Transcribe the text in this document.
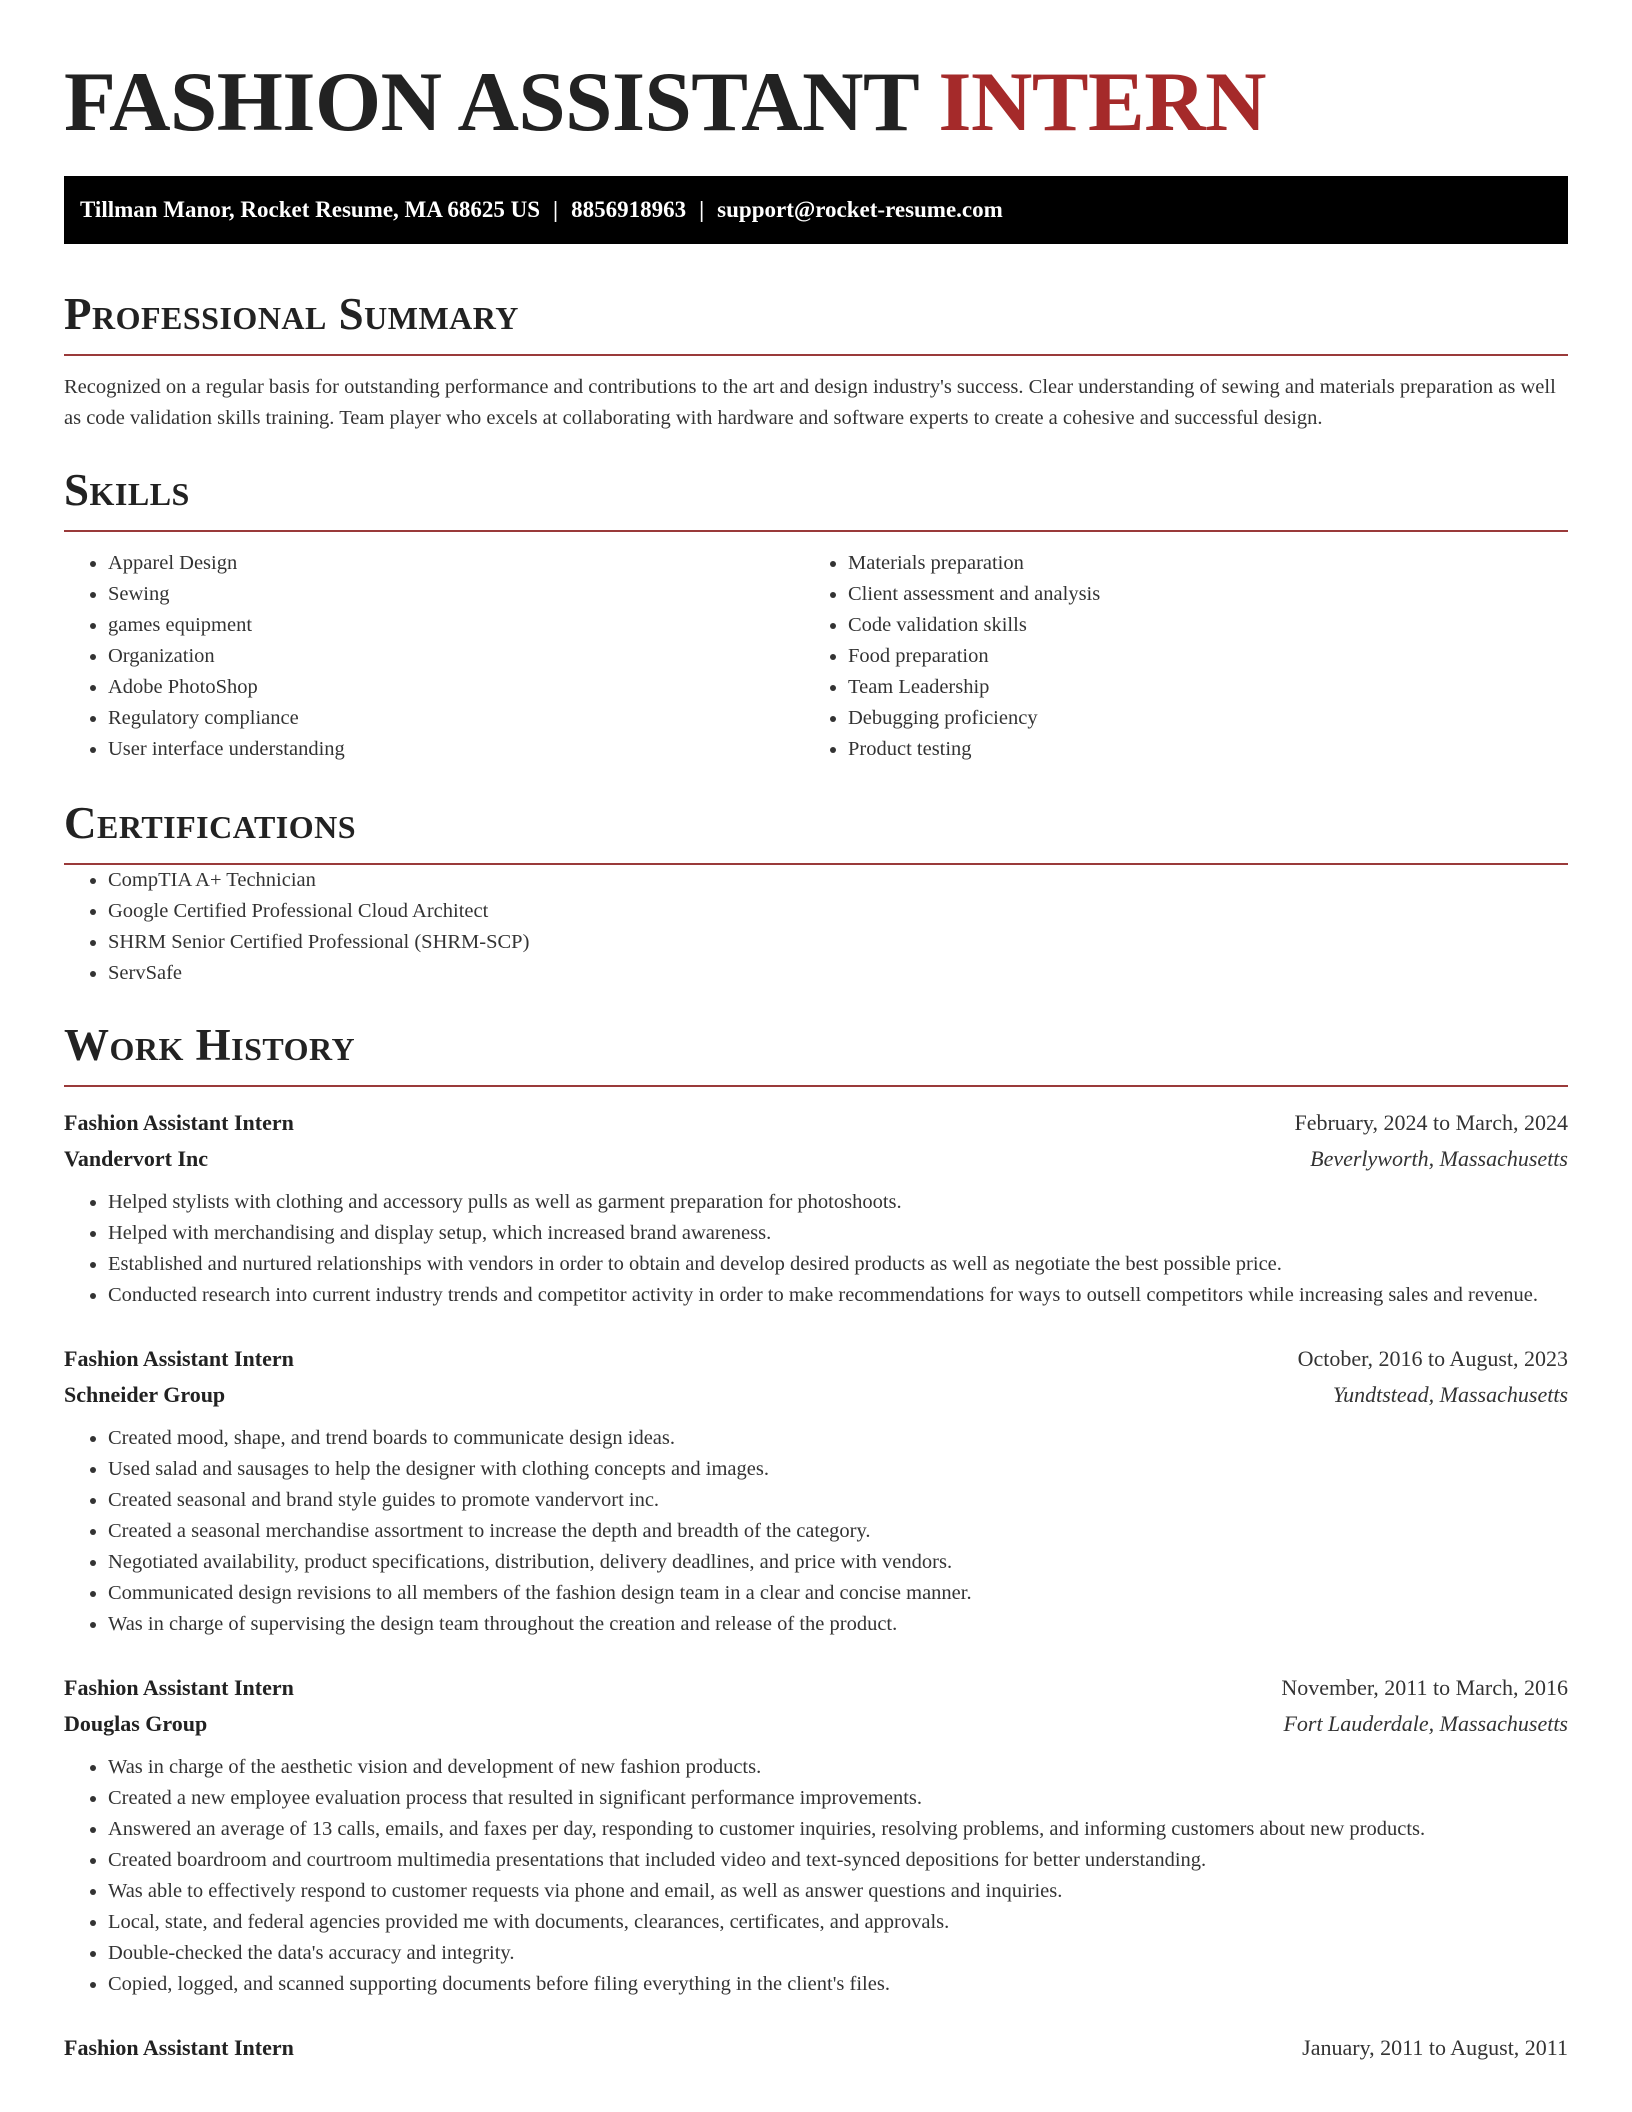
FASHION ASSISTANT INTERN
Tillman Manor, Rocket Resume, MA 68625 US | 8856918963 | support@rocket-resume.com
Professional Summary

Recognized on a regular basis for outstanding performance and contributions to the art and design industry's success. Clear understanding of sewing and materials preparation as well as code validation skills training. Team player who excels at collaborating with hardware and software experts to create a cohesive and successful design.

Skills
• Apparel Design
• Sewing
• games equipment
• Organization
• Adobe PhotoShop
• Regulatory compliance
• User interface understanding
• Materials preparation
• Client assessment and analysis
• Code validation skills
• Food preparation
• Team Leadership
• Debugging proficiency
• Product testing
Certifications
• CompTIA A+ Technician
• Google Certified Professional Cloud Architect
• SHRM Senior Certified Professional (SHRM-SCP)
• ServSafe
Work History
Fashion Assistant Intern	February, 2024 to March, 2024
Vandervort Inc	Beverlyworth, Massachusetts
• Helped stylists with clothing and accessory pulls as well as garment preparation for photoshoots.
• Helped with merchandising and display setup, which increased brand awareness.
• Established and nurtured relationships with vendors in order to obtain and develop desired products as well as negotiate the best possible price.
• Conducted research into current industry trends and competitor activity in order to make recommendations for ways to outsell competitors while increasing sales and revenue.
Fashion Assistant Intern	October, 2016 to August, 2023
Schneider Group	Yundtstead, Massachusetts
• Created mood, shape, and trend boards to communicate design ideas.
• Used salad and sausages to help the designer with clothing concepts and images.
• Created seasonal and brand style guides to promote vandervort inc.
• Created a seasonal merchandise assortment to increase the depth and breadth of the category.
• Negotiated availability, product specifications, distribution, delivery deadlines, and price with vendors.
• Communicated design revisions to all members of the fashion design team in a clear and concise manner.
• Was in charge of supervising the design team throughout the creation and release of the product.
Fashion Assistant Intern	November, 2011 to March, 2016
Douglas Group	Fort Lauderdale, Massachusetts
• Was in charge of the aesthetic vision and development of new fashion products.
• Created a new employee evaluation process that resulted in significant performance improvements.
• Answered an average of 13 calls, emails, and faxes per day, responding to customer inquiries, resolving problems, and informing customers about new products.
• Created boardroom and courtroom multimedia presentations that included video and text-synced depositions for better understanding.
• Was able to effectively respond to customer requests via phone and email, as well as answer questions and inquiries.
• Local, state, and federal agencies provided me with documents, clearances, certificates, and approvals.
• Double-checked the data's accuracy and integrity.
• Copied, logged, and scanned supporting documents before filing everything in the client's files.
Fashion Assistant Intern	January, 2011 to August, 2011
